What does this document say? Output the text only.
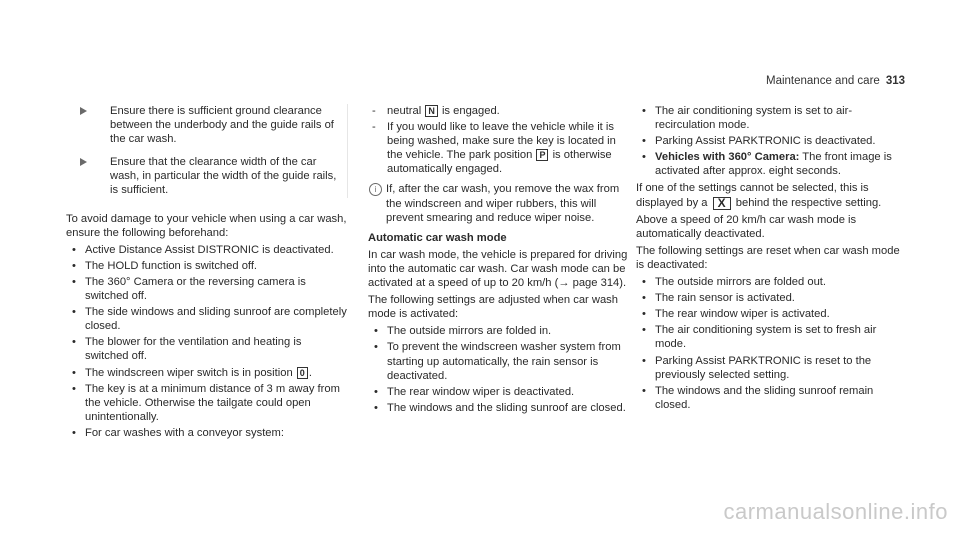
Maintenance and care 313
Ensure there is sufficient ground clearance between the underbody and the guide rails of the car wash.
Ensure that the clearance width of the car wash, in particular the width of the guide rails, is sufficient.

To avoid damage to your vehicle when using a car wash, ensure the following beforehand:

• Active Distance Assist DISTRONIC is deactivated.
• The HOLD function is switched off.
• The 360° Camera or the reversing camera is switched off.
• The side windows and sliding sunroof are completely closed.
• The blower for the ventilation and heating is switched off.
• The windscreen wiper switch is in position 0 .
• The key is at a minimum distance of 3 m away from the vehicle. Otherwise the tailgate could open unintentionally.
• For car washes with a conveyor system:
- neutral N is engaged.
- If you would like to leave the vehicle while it is being washed, make sure the key is located in the vehicle. The park position P is otherwise automatically engaged.
i If, after the car wash, you remove the wax from the windscreen and wiper rubbers, this will prevent smearing and reduce wiper noise.

Automatic car wash mode

In car wash mode, the vehicle is prepared for driving into the automatic car wash. Car wash mode can be activated at a speed of up to 20 km/h (→ page 314).

The following settings are adjusted when car wash mode is activated:

• The outside mirrors are folded in.
• To prevent the windscreen washer system from starting up automatically, the rain sensor is deactivated.
• The rear window wiper is deactivated.
• The windows and the sliding sunroof are closed.
• The air conditioning system is set to air-recirculation mode.
• Parking Assist PARKTRONIC is deactivated.
• Vehicles with 360° Camera: The front image is activated after approx. eight seconds.

If one of the settings cannot be selected, this is displayed by a X behind the respective setting.

Above a speed of 20 km/h car wash mode is automatically deactivated.

The following settings are reset when car wash mode is deactivated:

• The outside mirrors are folded out.
• The rain sensor is activated.
• The rear window wiper is activated.
• The air conditioning system is set to fresh air mode.
• Parking Assist PARKTRONIC is reset to the previously selected setting.
• The windows and the sliding sunroof remain closed.
carmanualsonline.info
